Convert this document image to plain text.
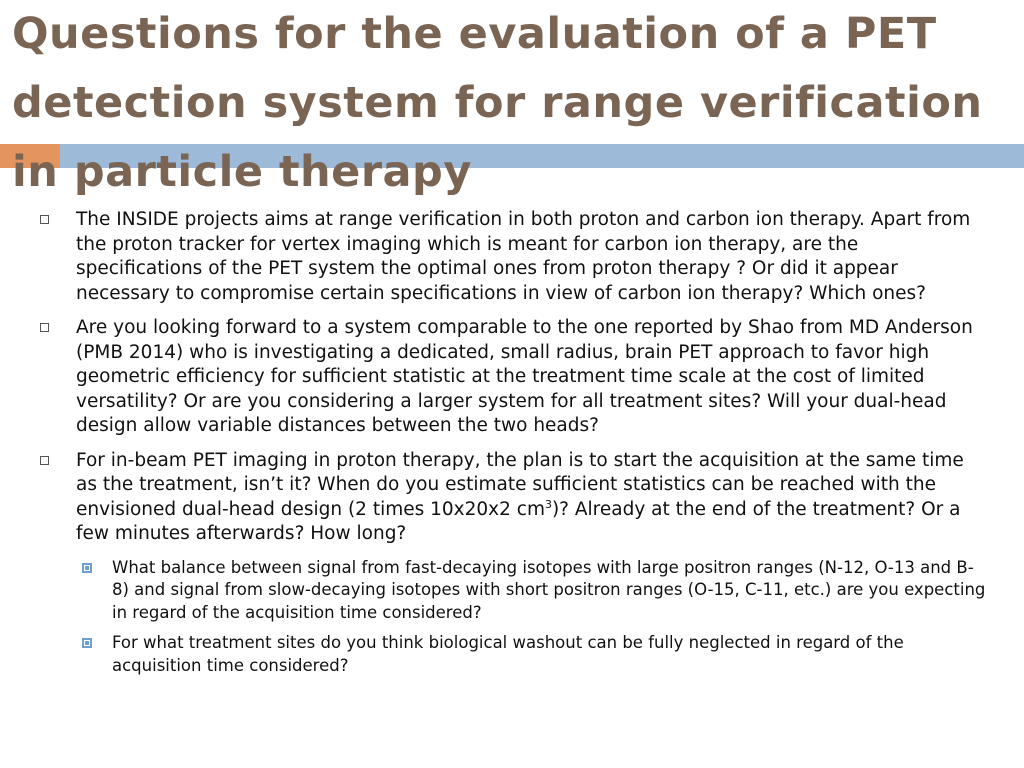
Questions for the evaluation of a PET detection system for range verification in particle therapy
The INSIDE projects aims at range verification in both proton and carbon ion therapy. Apart from the proton tracker for vertex imaging which is meant for carbon ion therapy, are the specifications of the PET system the optimal ones from proton therapy ? Or did it appear necessary to compromise certain specifications in view of carbon ion therapy? Which ones?
Are you looking forward to a system comparable to the one reported by Shao from MD Anderson (PMB 2014) who is investigating a dedicated, small radius, brain PET approach to favor high geometric efficiency for sufficient statistic at the treatment time scale at the cost of limited versatility? Or are you considering a larger system for all treatment sites? Will your dual-head design allow variable distances between the two heads?
For in-beam PET imaging in proton therapy, the plan is to start the acquisition at the same time as the treatment, isn’t it? When do you estimate sufficient statistics can be reached with the envisioned dual-head design (2 times 10x20x2 $cm^3$)? Already at the end of the treatment? Or a few minutes afterwards? How long?
What balance between signal from fast-decaying isotopes with large positron ranges (N-12, O-13 and B-8) and signal from slow-decaying isotopes with short positron ranges (O-15, C-11, etc.) are you expecting in regard of the acquisition time considered?
For what treatment sites do you think biological washout can be fully neglected in regard of the acquisition time considered?
